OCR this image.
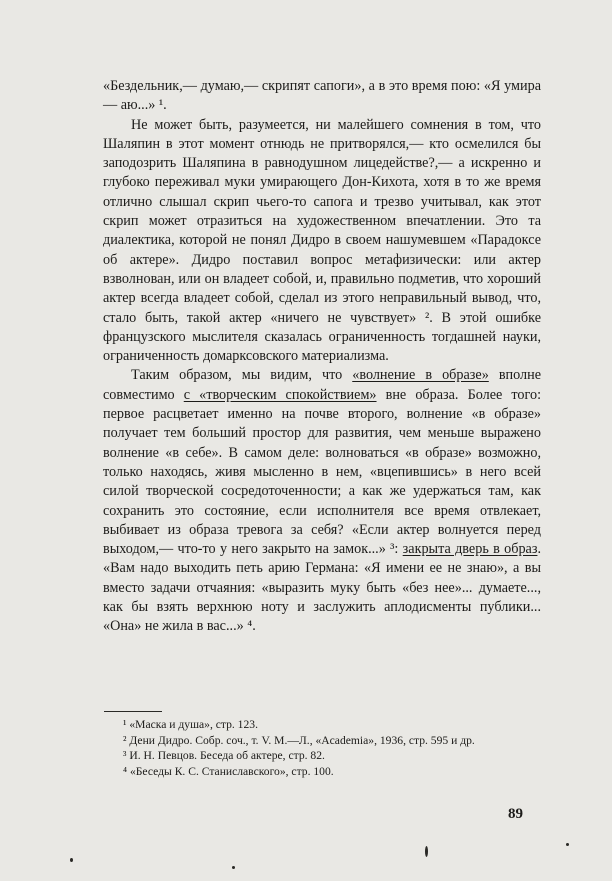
«Бездельник,— думаю,— скрипят сапоги», а в это время пою: «Я умира — аю...» ¹.

Не может быть, разумеется, ни малейшего сомнения в том, что Шаляпин в этот момент отнюдь не притворялся,— кто осмелился бы заподозрить Шаляпина в равнодушном лицедействе?,— а искренно и глубоко переживал муки умирающего Дон-Кихота, хотя в то же время отлично слышал скрип чьего-то сапога и трезво учитывал, как этот скрип может отразиться на художественном впечатлении. Это та диалектика, которой не понял Дидро в своем нашумевшем «Парадоксе об актере». Дидро поставил вопрос метафизически: или актер взволнован, или он владеет собой, и, правильно подметив, что хороший актер всегда владеет собой, сделал из этого неправильный вывод, что, стало быть, такой актер «ничего не чувствует» ². В этой ошибке французского мыслителя сказалась ограниченность тогдашней науки, ограниченность домарксовского материализма.

Таким образом, мы видим, что «волнение в образе» вполне совместимо с «творческим спокойствием» вне образа. Более того: первое расцветает именно на почве второго, волнение «в образе» получает тем больший простор для развития, чем меньше выражено волнение «в себе». В самом деле: волноваться «в образе» возможно, только находясь, живя мысленно в нем, «вцепившись» в него всей силой творческой сосредоточенности; а как же удержаться там, как сохранить это состояние, если исполнителя все время отвлекает, выбивает из образа тревога за себя? «Если актер волнуется перед выходом,— что-то у него закрыто на замок...» ³: закрыта дверь в образ. «Вам надо выходить петь арию Германа: «Я имени ее не знаю», а вы вместо задачи отчаяния: «выразить муку быть «без нее»... думаете..., как бы взять верхнюю ноту и заслужить аплодисменты публики... «Она» не жила в вас...» ⁴.

¹ «Маска и душа», стр. 123.

² Дени Дидро. Собр. соч., т. V. М.—Л., «Academia», 1936, стр. 595 и др.

³ И. Н. Певцов. Беседа об актере, стр. 82.

⁴ «Беседы К. С. Станиславского», стр. 100.

89
